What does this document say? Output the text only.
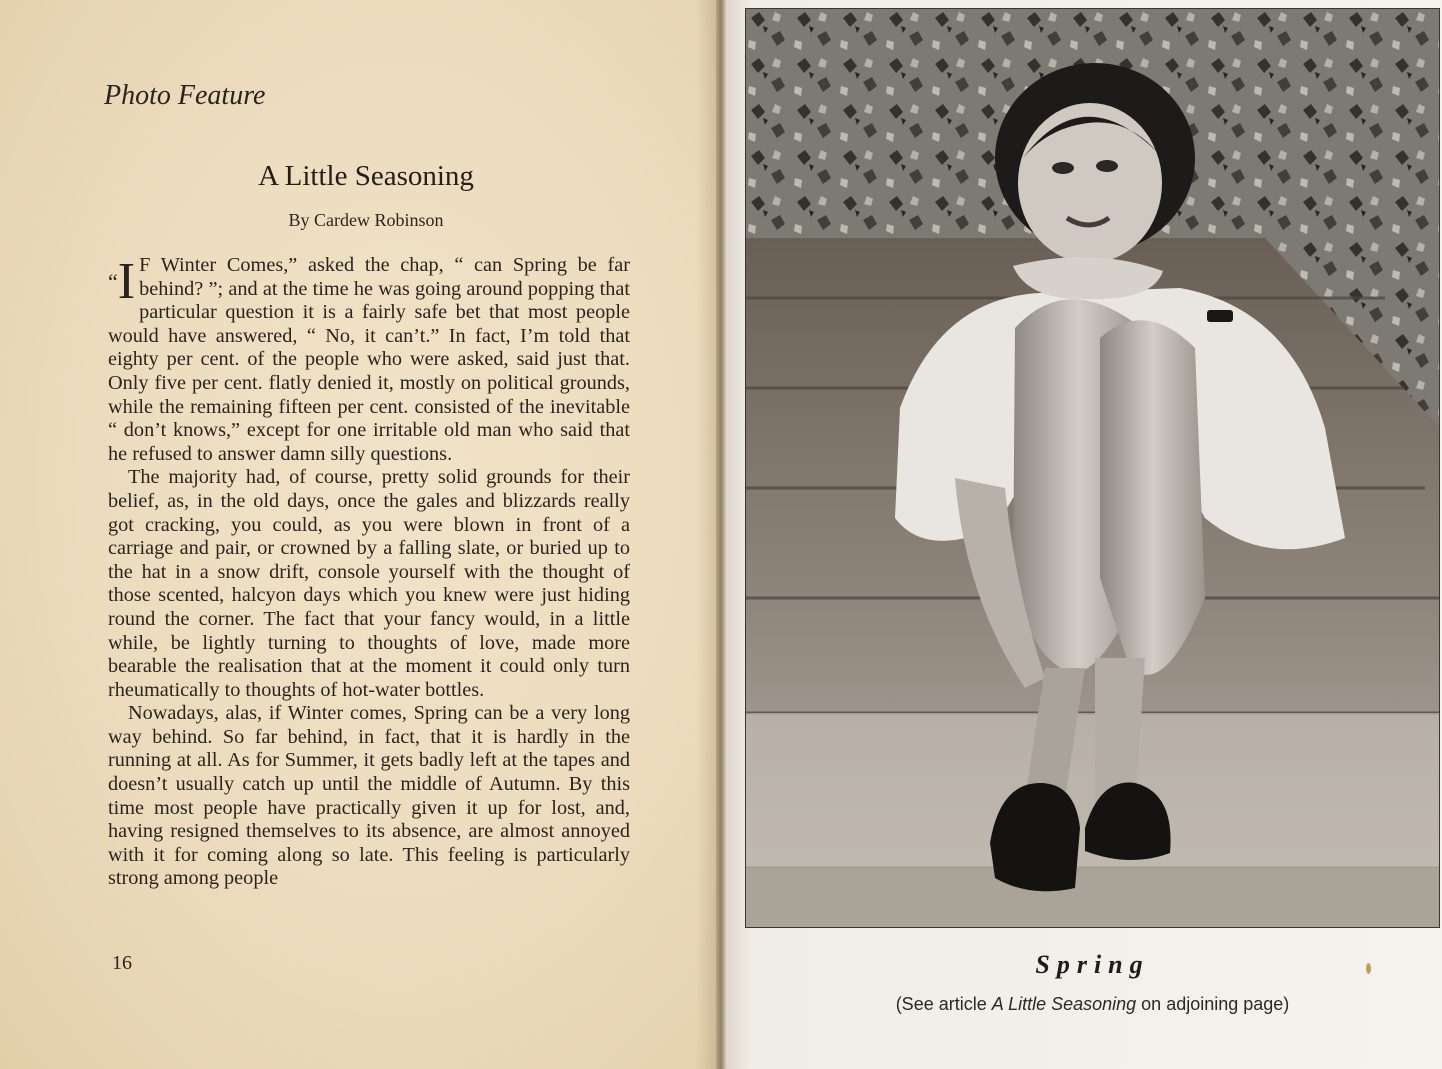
Photo Feature
A Little Seasoning
By Cardew Robinson

“I F Winter Comes,” asked the chap, “ can Spring be far behind? ”; and at the time he was going around popping that particular question it is a fairly safe bet that most people would have answered, “ No, it can’t.” In fact, I’m told that eighty per cent. of the people who were asked, said just that. Only five per cent. flatly denied it, mostly on political grounds, while the remaining fifteen per cent. consisted of the inevitable “ don’t knows,” except for one irritable old man who said that he refused to answer damn silly questions.

The majority had, of course, pretty solid grounds for their belief, as, in the old days, once the gales and blizzards really got cracking, you could, as you were blown in front of a carriage and pair, or crowned by a falling slate, or buried up to the hat in a snow drift, console yourself with the thought of those scented, halcyon days which you knew were just hiding round the corner. The fact that your fancy would, in a little while, be lightly turning to thoughts of love, made more bearable the realisation that at the moment it could only turn rheumatically to thoughts of hot-water bottles.

Nowadays, alas, if Winter comes, Spring can be a very long way behind. So far behind, in fact, that it is hardly in the running at all. As for Summer, it gets badly left at the tapes and doesn’t usually catch up until the middle of Autumn. By this time most people have practically given it up for lost, and, having resigned themselves to its absence, are almost annoyed with it for coming along so late. This feeling is particularly strong among people

16	Spring
(See article A Little Seasoning on adjoining page)
